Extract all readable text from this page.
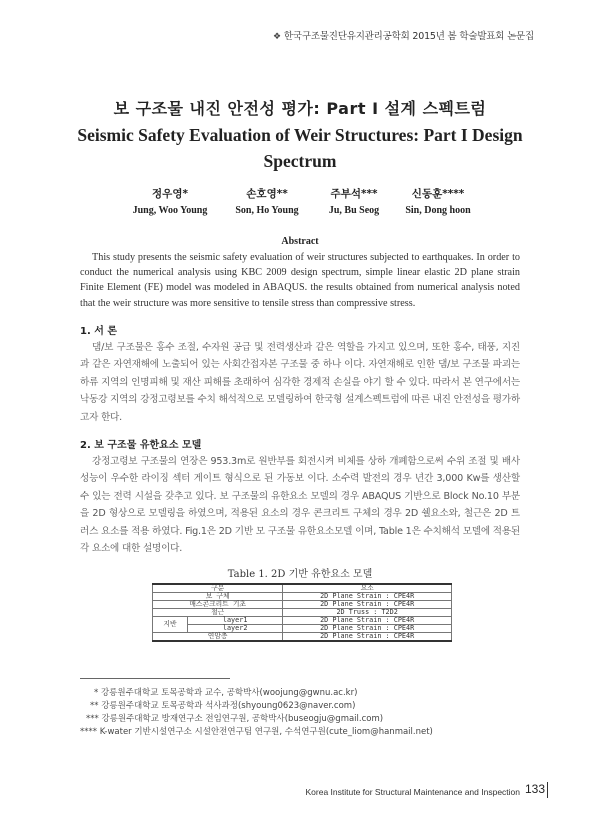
❖ 한국구조물진단유지관리공학회 2015년 봄 학술발표회 논문집
보 구조물 내진 안전성 평가: Part I 설계 스펙트럼
Seismic Safety Evaluation of Weir Structures: Part I Design Spectrum
정우영*
Jung, Woo Young
손호영**
Son, Ho Young
주부석***
Ju, Bu Seog
신동훈****
Sin, Dong hoon
Abstract
This study presents the seismic safety evaluation of weir structures subjected to earthquakes. In order to conduct the numerical analysis using KBC 2009 design spectrum, simple linear elastic 2D plane strain Finite Element (FE) model was modeled in ABAQUS. the results obtained from numerical analysis noted that the weir structure was more sensitive to tensile stress than compressive stress.
1. 서 론
댐/보 구조물은 홍수 조절, 수자원 공급 및 전력생산과 같은 역할을 가지고 있으며, 또한 홍수, 태풍, 지진과 같은 자연재해에 노출되어 있는 사회간접자본 구조물 중 하나 이다. 자연재해로 인한 댐/보 구조물 파괴는 하류 지역의 인명피해 및 재산 피해를 초래하여 심각한 경제적 손실을 야기 할 수 있다. 따라서 본 연구에서는 낙동강 지역의 강정고령보를 수치 해석적으로 모델링하여 한국형 설계스펙트럼에 따른 내진 안전성을 평가하고자 한다.
2. 보 구조물 유한요소 모델
강정고령보 구조물의 연장은 953.3m로 원반부를 회전시켜 비체를 상하 개폐함으로써 수위 조절 및 배사성능이 우수한 라이징 섹터 게이트 형식으로 된 가동보 이다. 소수력 발전의 경우 년간 3,000 Kw를 생산할 수 있는 전력 시설을 갖추고 있다. 보 구조물의 유한요소 모델의 경우 ABAQUS 기반으로 Block No.10 부분을 2D 형상으로 모델링을 하였으며, 적용된 요소의 경우 콘크리트 구체의 경우 2D 쉘요소와, 철근은 2D 트러스 요소를 적용 하였다. Fig.1은 2D 기반 모 구조물 유한요소모델 이며, Table 1은 수치해석 모델에 적용된 각 요소에 대한 설명이다.
Table 1. 2D 기반 유한요소 모델
구분		요소
보 구체		2D Plane Strain : CPE4R
매스콘크리트 기초		2D Plane Strain : CPE4R
철근		2D Truss : T2D2
지반	layer1	2D Plane Strain : CPE4R
	layer2	2D Plane Strain : CPE4R
연암층		2D Plane Strain : CPE4R
* 강릉원주대학교 토목공학과 교수, 공학박사(woojung@gwnu.ac.kr)
** 강릉원주대학교 토목공학과 석사과정(shyoung0623@naver.com)
*** 강릉원주대학교 방재연구소 전임연구원, 공학박사(buseogju@gmail.com)
**** K-water 기반시설연구소 시설안전연구팀 연구원, 수석연구원(cute_liom@hanmail.net)
Korea Institute for Structural Maintenance and Inspection 133
